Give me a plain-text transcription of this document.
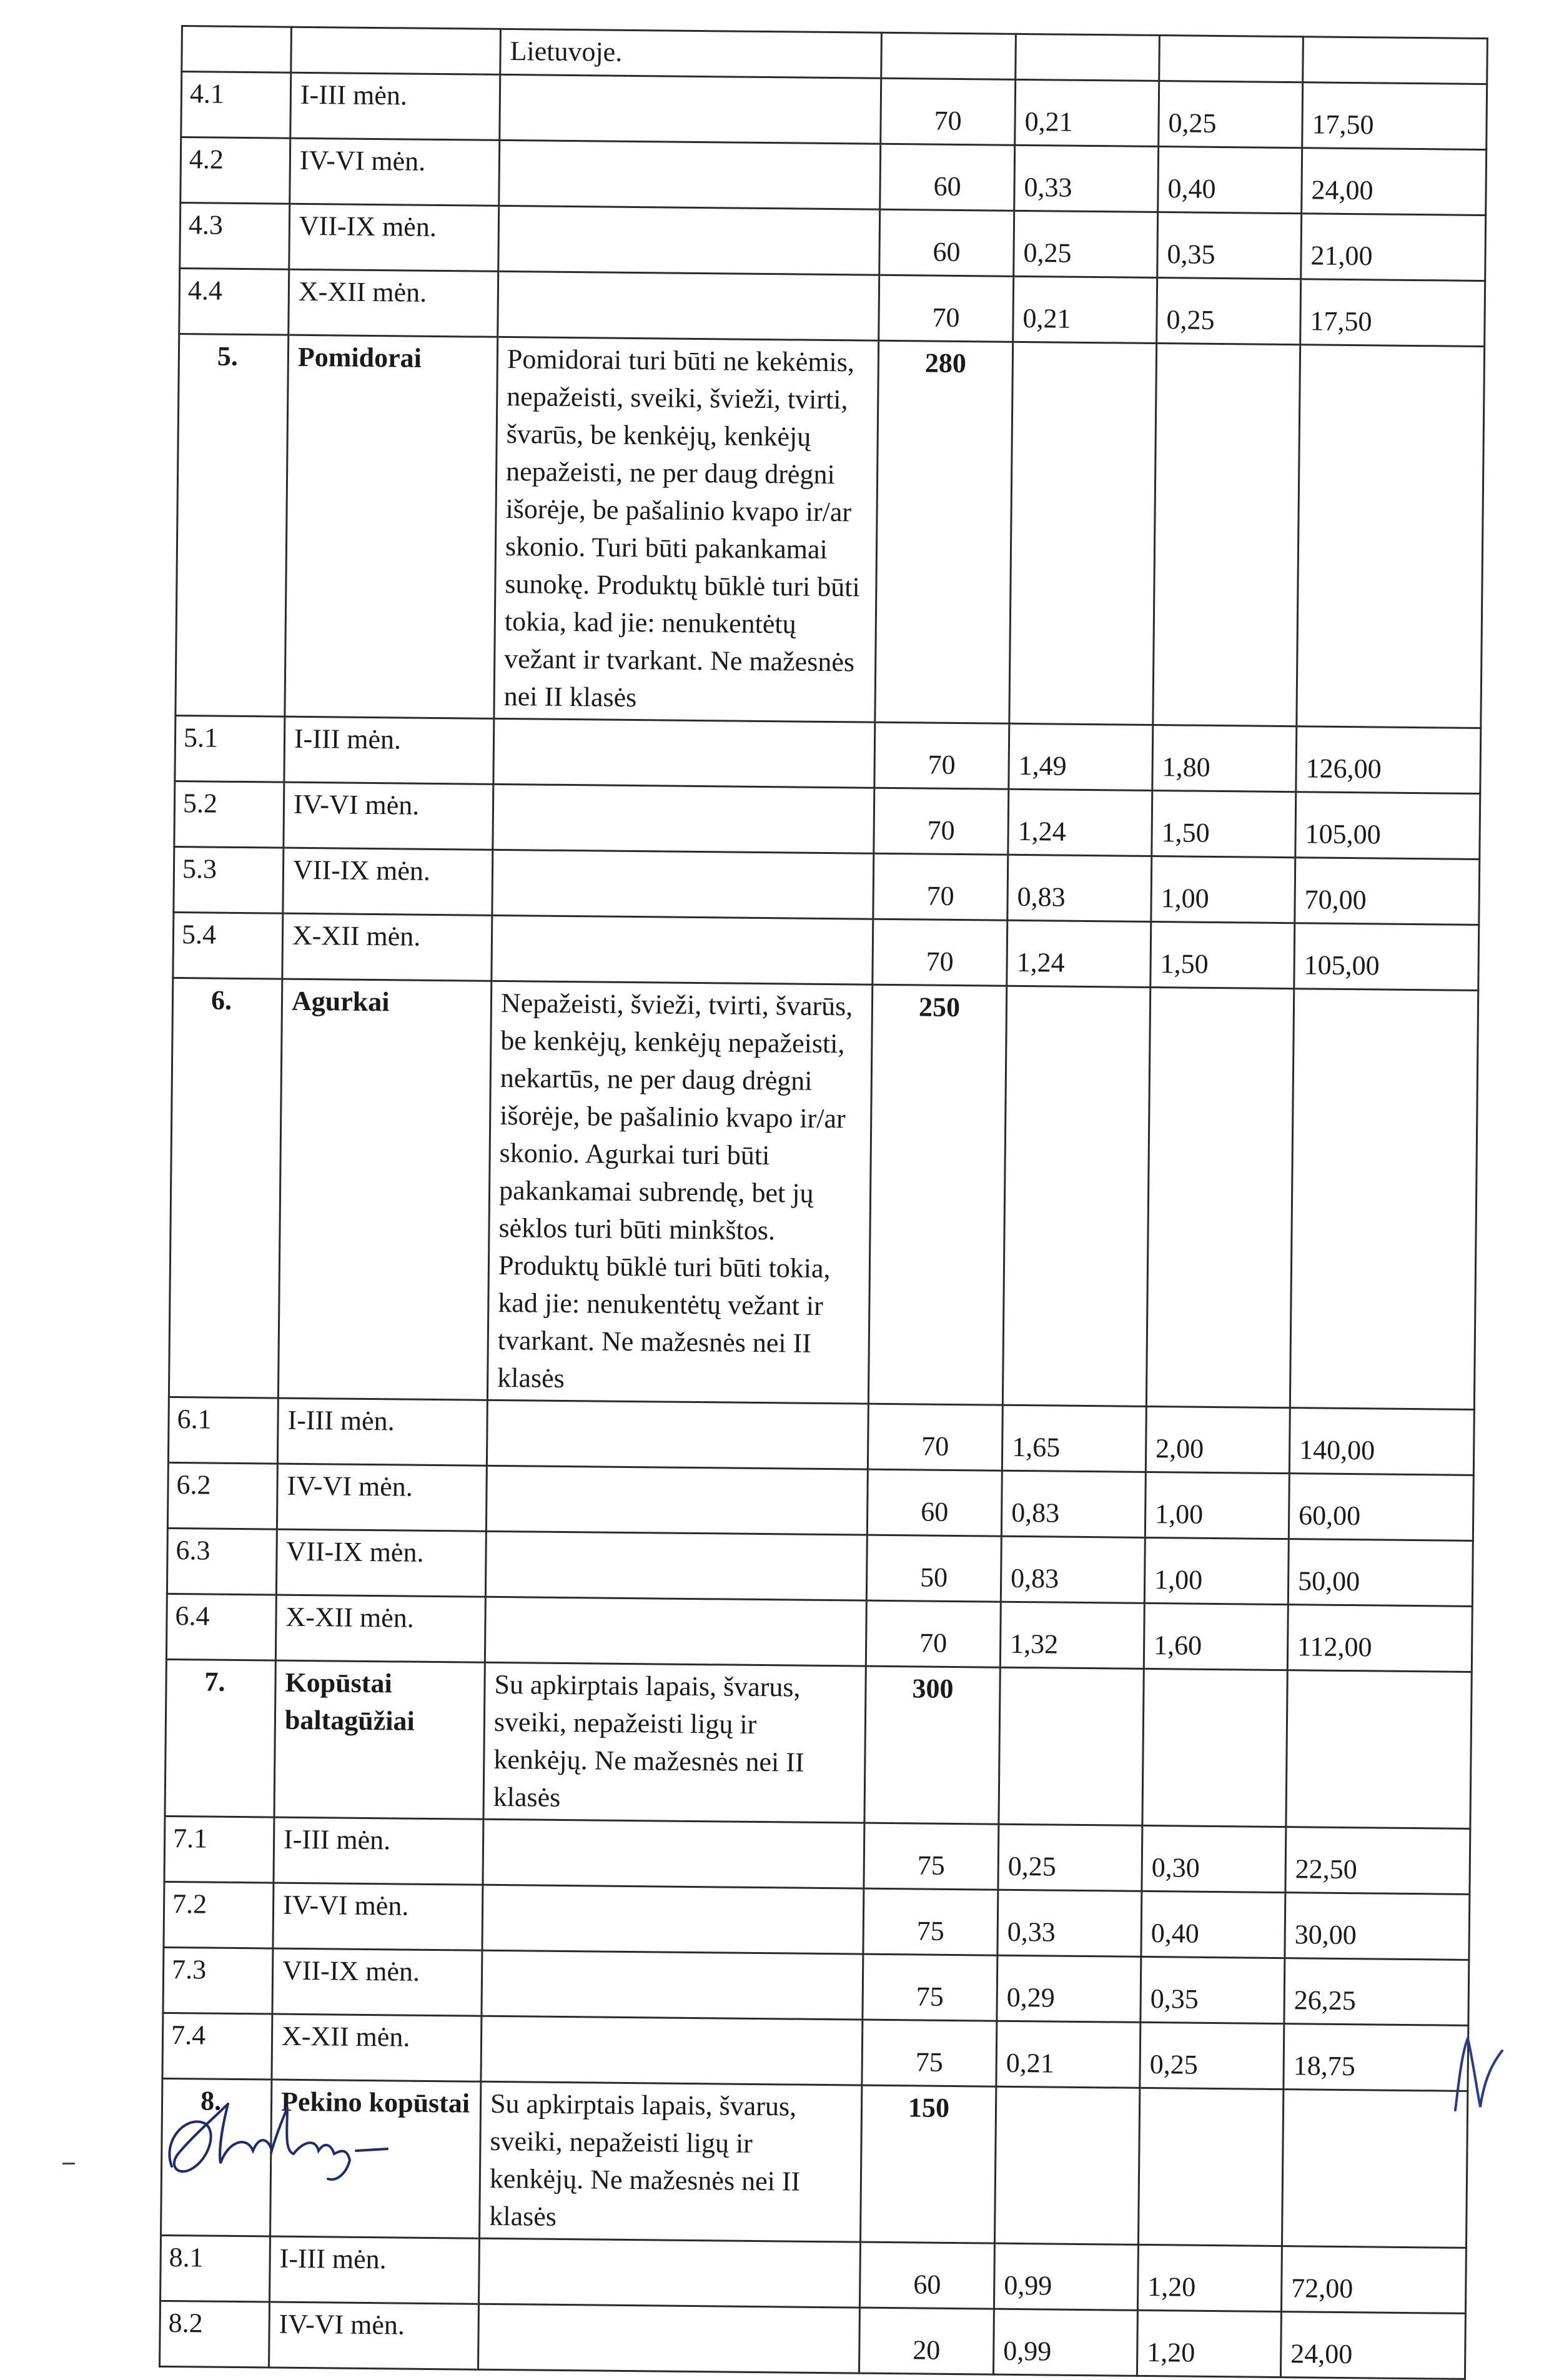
		Lietuvoje.				
4.1	I-III mėn.		70	0,21	0,25	17,50
4.2	IV-VI mėn.		60	0,33	0,40	24,00
4.3	VII-IX mėn.		60	0,25	0,35	21,00
4.4	X-XII mėn.		70	0,21	0,25	17,50
5.	Pomidorai	Pomidorai turi būti ne kekėmis, nepažeisti, sveiki, švieži, tvirti, švarūs, be kenkėjų, kenkėjų nepažeisti, ne per daug drėgni išorėje, be pašalinio kvapo ir/ar skonio. Turi būti pakankamai sunokę. Produktų būklė turi būti tokia, kad jie: nenukentėtų vežant ir tvarkant. Ne mažesnės nei II klasės	280			
5.1	I-III mėn.		70	1,49	1,80	126,00
5.2	IV-VI mėn.		70	1,24	1,50	105,00
5.3	VII-IX mėn.		70	0,83	1,00	70,00
5.4	X-XII mėn.		70	1,24	1,50	105,00
6.	Agurkai	Nepažeisti, švieži, tvirti, švarūs, be kenkėjų, kenkėjų nepažeisti, nekartūs, ne per daug drėgni išorėje, be pašalinio kvapo ir/ar skonio. Agurkai turi būti pakankamai subrendę, bet jų sėklos turi būti minkštos. Produktų būklė turi būti tokia, kad jie: nenukentėtų vežant ir tvarkant. Ne mažesnės nei II klasės	250			
6.1	I-III mėn.		70	1,65	2,00	140,00
6.2	IV-VI mėn.		60	0,83	1,00	60,00
6.3	VII-IX mėn.		50	0,83	1,00	50,00
6.4	X-XII mėn.		70	1,32	1,60	112,00
7.	Kopūstai baltagūžiai	Su apkirptais lapais, švarus, sveiki, nepažeisti ligų ir kenkėjų. Ne mažesnės nei II klasės	300			
7.1	I-III mėn.		75	0,25	0,30	22,50
7.2	IV-VI mėn.		75	0,33	0,40	30,00
7.3	VII-IX mėn.		75	0,29	0,35	26,25
7.4	X-XII mėn.		75	0,21	0,25	18,75
8.	Pekino kopūstai	Su apkirptais lapais, švarus, sveiki, nepažeisti ligų ir kenkėjų. Ne mažesnės nei II klasės	150			
8.1	I-III mėn.		60	0,99	1,20	72,00
8.2	IV-VI mėn.		20	0,99	1,20	24,00
